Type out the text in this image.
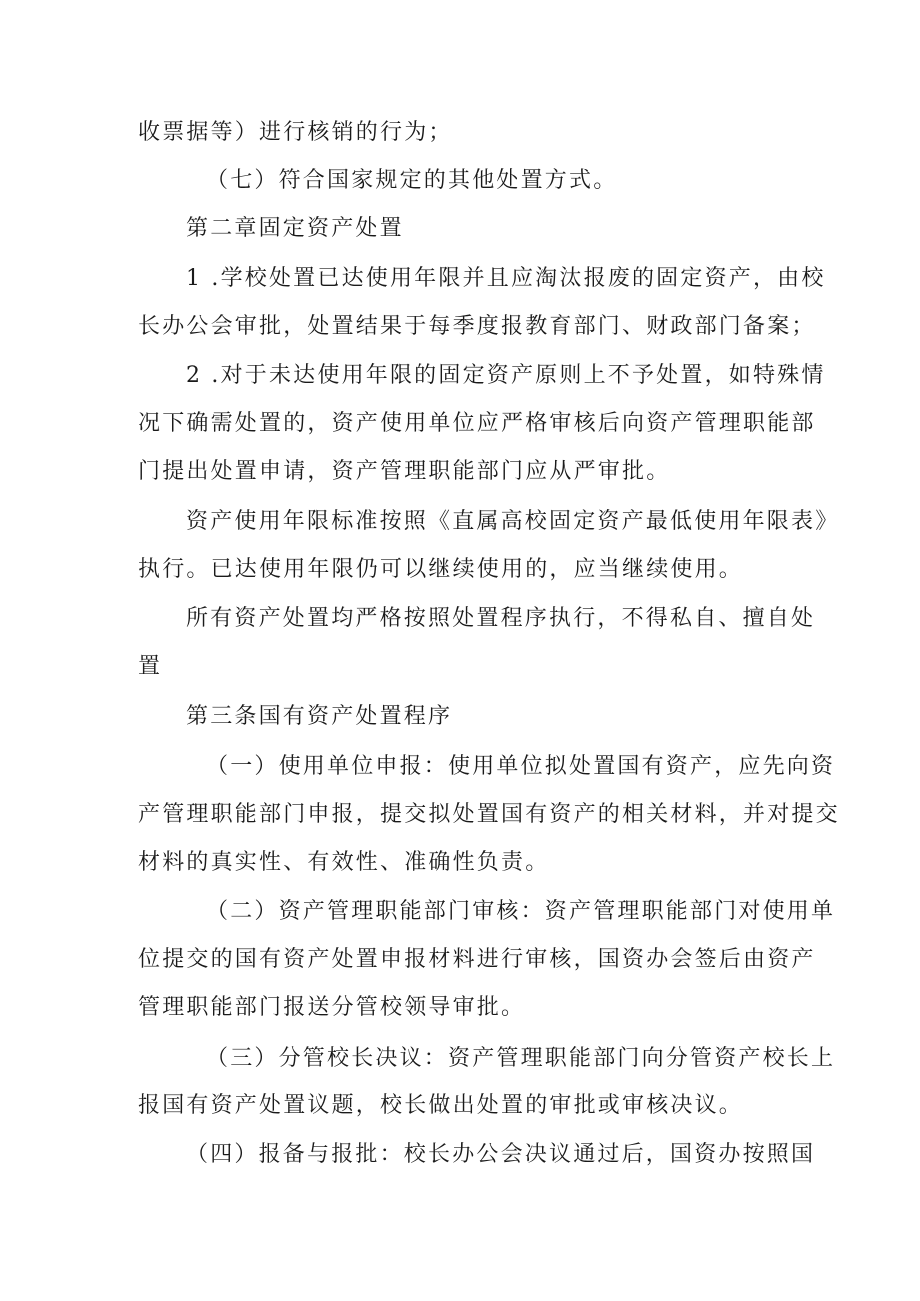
收票据等）进行核销的行为；
（七）符合国家规定的其他处置方式。
第二章固定资产处置
1 .学校处置已达使用年限并且应淘汰报废的固定资产，由校
长办公会审批，处置结果于每季度报教育部门、财政部门备案；
2 .对于未达使用年限的固定资产原则上不予处置，如特殊情
况下确需处置的，资产使用单位应严格审核后向资产管理职能部
门提出处置申请，资产管理职能部门应从严审批。
资产使用年限标准按照《直属高校固定资产最低使用年限表》
执行。已达使用年限仍可以继续使用的，应当继续使用。
所有资产处置均严格按照处置程序执行，不得私自、擅自处
置
第三条国有资产处置程序
（一）使用单位申报：使用单位拟处置国有资产，应先向资
产管理职能部门申报，提交拟处置国有资产的相关材料，并对提交
材料的真实性、有效性、准确性负责。
（二）资产管理职能部门审核：资产管理职能部门对使用单
位提交的国有资产处置申报材料进行审核，国资办会签后由资产
管理职能部门报送分管校领导审批。
（三）分管校长决议：资产管理职能部门向分管资产校长上
报国有资产处置议题，校长做出处置的审批或审核决议。
（四）报备与报批：校长办公会决议通过后，国资办按照国
